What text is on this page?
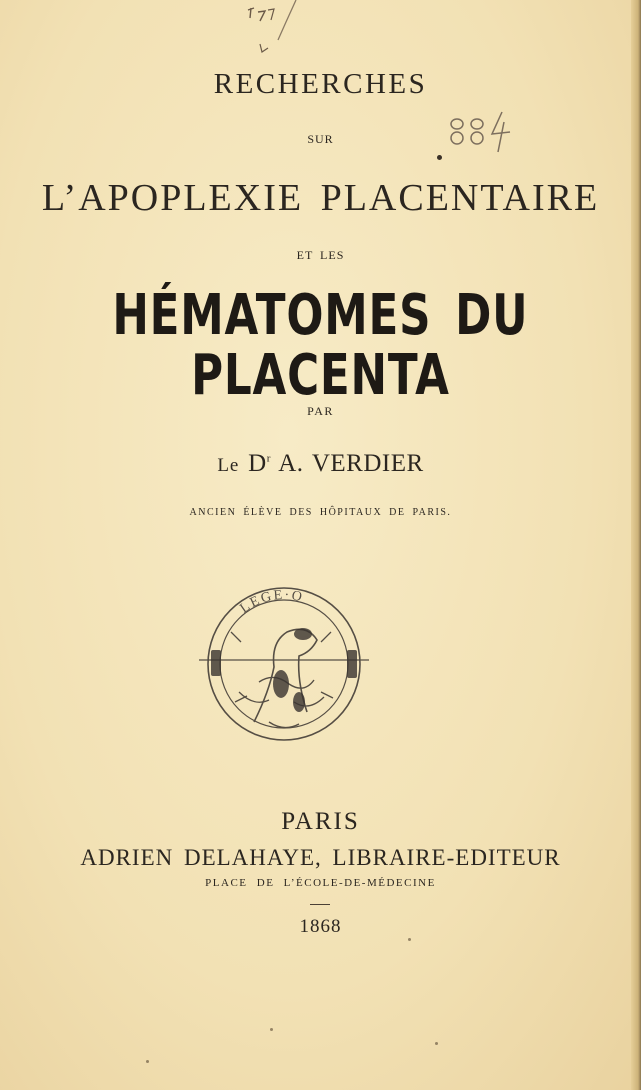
RECHERCHES
SUR
L’APOPLEXIE PLACENTAIRE
ET LES
HÉMATOMES DU PLACENTA
PAR
Le $D^r$ A. VERDIER
ANCIEN ÉLÈVE DES HÔPITAUX DE PARIS.
LEGE·O
PARIS
ADRIEN DELAHAYE, LIBRAIRE-EDITEUR
PLACE DE L’ÉCOLE-DE-MÉDECINE
1868
